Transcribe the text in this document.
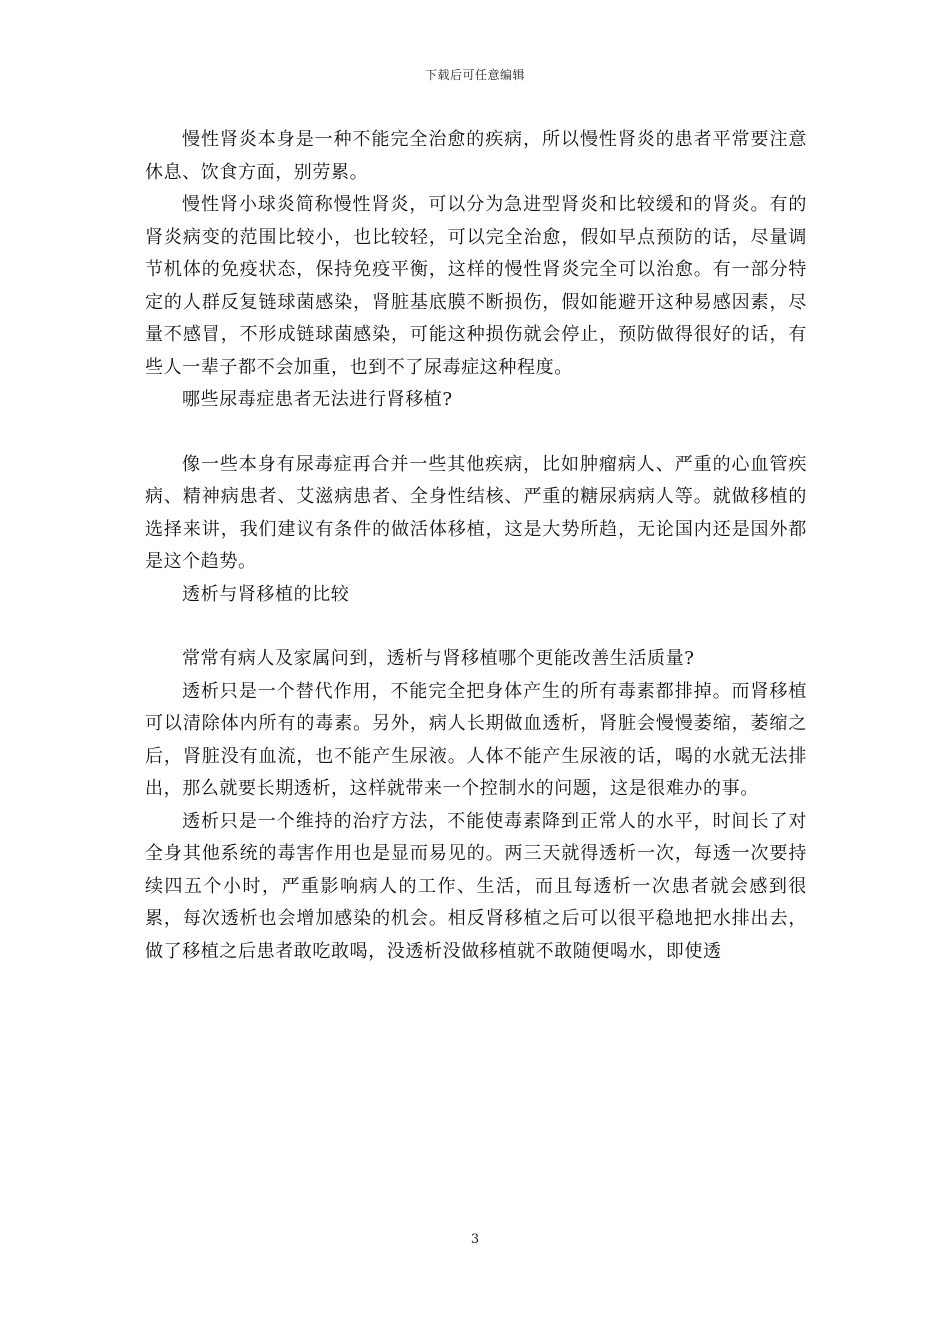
下载后可任意编辑

慢性肾炎本身是一种不能完全治愈的疾病，所以慢性肾炎的患者平常要注意休息、饮食方面，别劳累。

慢性肾小球炎简称慢性肾炎，可以分为急进型肾炎和比较缓和的肾炎。有的肾炎病变的范围比较小，也比较轻，可以完全治愈，假如早点预防的话，尽量调节机体的免疫状态，保持免疫平衡，这样的慢性肾炎完全可以治愈。有一部分特定的人群反复链球菌感染，肾脏基底膜不断损伤，假如能避开这种易感因素，尽量不感冒，不形成链球菌感染，可能这种损伤就会停止，预防做得很好的话，有些人一辈子都不会加重，也到不了尿毒症这种程度。

哪些尿毒症患者无法进行肾移植?

像一些本身有尿毒症再合并一些其他疾病，比如肿瘤病人、严重的心血管疾病、精神病患者、艾滋病患者、全身性结核、严重的糖尿病病人等。就做移植的选择来讲，我们建议有条件的做活体移植，这是大势所趋，无论国内还是国外都是这个趋势。

透析与肾移植的比较

常常有病人及家属问到，透析与肾移植哪个更能改善生活质量?

透析只是一个替代作用，不能完全把身体产生的所有毒素都排掉。而肾移植可以清除体内所有的毒素。另外，病人长期做血透析，肾脏会慢慢萎缩，萎缩之后，肾脏没有血流，也不能产生尿液。人体不能产生尿液的话，喝的水就无法排出，那么就要长期透析，这样就带来一个控制水的问题，这是很难办的事。

透析只是一个维持的治疗方法，不能使毒素降到正常人的水平，时间长了对全身其他系统的毒害作用也是显而易见的。两三天就得透析一次，每透一次要持续四五个小时，严重影响病人的工作、生活，而且每透析一次患者就会感到很累，每次透析也会增加感染的机会。相反肾移植之后可以很平稳地把水排出去，做了移植之后患者敢吃敢喝，没透析没做移植就不敢随便喝水，即使透

3
